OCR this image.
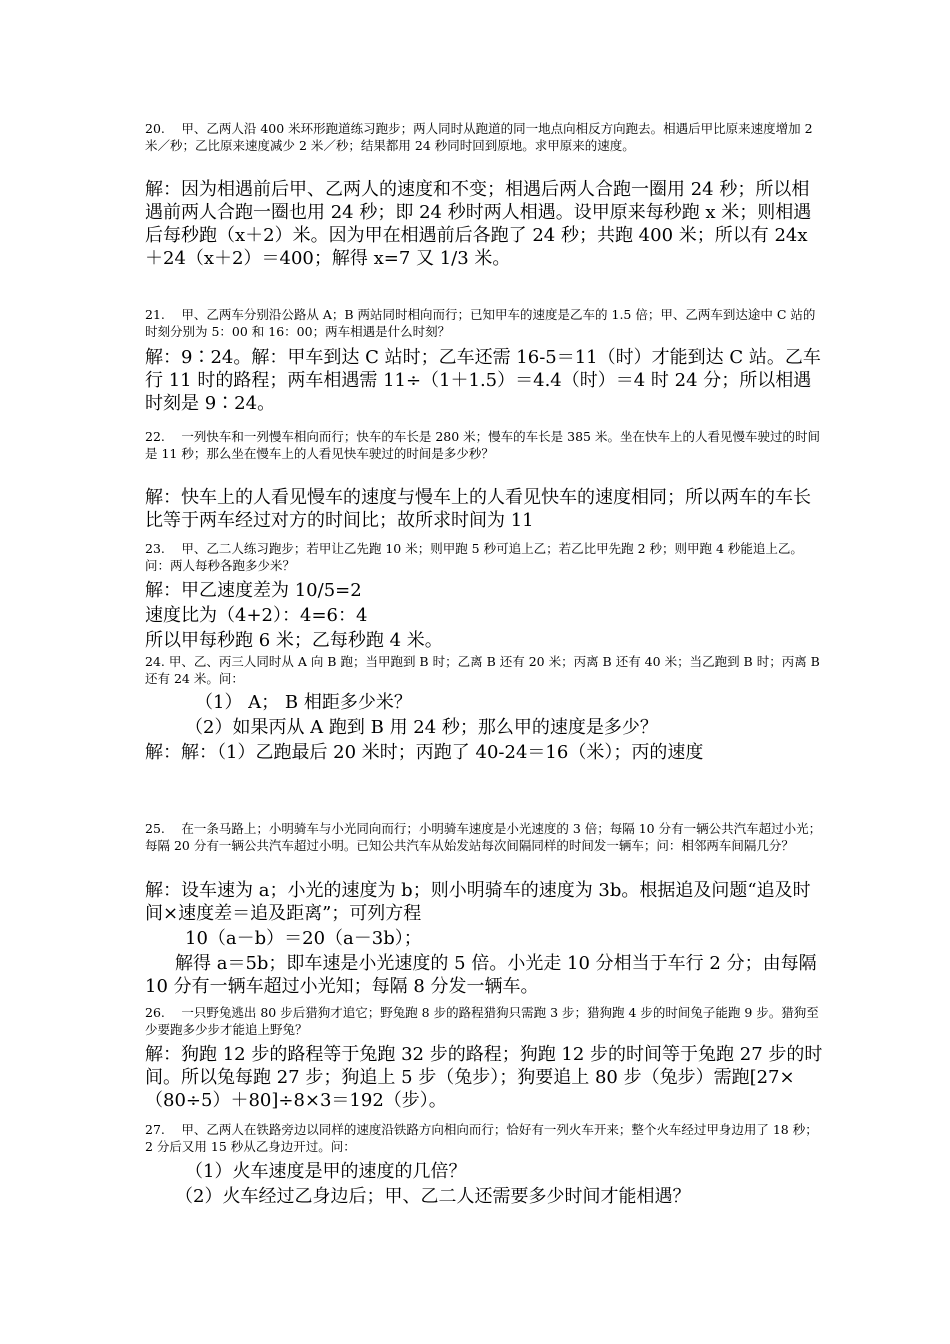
20.　 甲、乙两人沿 400 米环形跑道练习跑步；两人同时从跑道的同一地点向相反方向跑去。相遇后甲比原来速度增加 2 米／秒；乙比原来速度减少 2 米／秒；结果都用 24 秒同时回到原地。求甲原来的速度。
解：因为相遇前后甲、乙两人的速度和不变；相遇后两人合跑一圈用 24 秒；所以相遇前两人合跑一圈也用 24 秒；即 24 秒时两人相遇。设甲原来每秒跑 x 米；则相遇后每秒跑（x＋2）米。因为甲在相遇前后各跑了 24 秒；共跑 400 米；所以有 24x＋24（x＋2）＝400；解得 x=7 又 1/3 米。
21.　 甲、乙两车分别沿公路从 A；B 两站同时相向而行；已知甲车的速度是乙车的 1.5 倍；甲、乙两车到达途中 C 站的时刻分别为 5：00 和 16：00；两车相遇是什么时刻？
解：9∶24。解：甲车到达 C 站时；乙车还需 16-5＝11（时）才能到达 C 站。乙车行 11 时的路程；两车相遇需 11÷（1＋1.5）＝4.4（时）＝4 时 24 分；所以相遇时刻是 9∶24。
22.　 一列快车和一列慢车相向而行；快车的车长是 280 米；慢车的车长是 385 米。坐在快车上的人看见慢车驶过的时间是 11 秒；那么坐在慢车上的人看见快车驶过的时间是多少秒？
解：快车上的人看见慢车的速度与慢车上的人看见快车的速度相同；所以两车的车长比等于两车经过对方的时间比；故所求时间为 11
23.　 甲、乙二人练习跑步；若甲让乙先跑 10 米；则甲跑 5 秒可追上乙；若乙比甲先跑 2 秒；则甲跑 4 秒能追上乙。问：两人每秒各跑多少米？
解：甲乙速度差为 10/5=2
速度比为（4+2）：4=6：4
所以甲每秒跑 6 米；乙每秒跑 4 米。
24. 甲、乙、丙三人同时从 A 向 B 跑；当甲跑到 B 时；乙离 B 还有 20 米；丙离 B 还有 40 米；当乙跑到 B 时；丙离 B 还有 24 米。问：
（1） A； B 相距多少米？
（2）如果丙从 A 跑到 B 用 24 秒；那么甲的速度是多少？
解：解：（1）乙跑最后 20 米时；丙跑了 40-24＝16（米）；丙的速度
25.　 在一条马路上；小明骑车与小光同向而行；小明骑车速度是小光速度的 3 倍；每隔 10 分有一辆公共汽车超过小光；每隔 20 分有一辆公共汽车超过小明。已知公共汽车从始发站每次间隔同样的时间发一辆车；问：相邻两车间隔几分？
解：设车速为 a；小光的速度为 b；则小明骑车的速度为 3b。根据追及问题“追及时间×速度差＝追及距离”；可列方程
10（a－b）＝20（a－3b）；
解得 a＝5b；即车速是小光速度的 5 倍。小光走 10 分相当于车行 2 分；由每隔 10 分有一辆车超过小光知；每隔 8 分发一辆车。
26.　 一只野兔逃出 80 步后猎狗才追它；野兔跑 8 步的路程猎狗只需跑 3 步；猎狗跑 4 步的时间兔子能跑 9 步。猎狗至少要跑多少步才能追上野兔？
解：狗跑 12 步的路程等于兔跑 32 步的路程；狗跑 12 步的时间等于兔跑 27 步的时间。所以兔每跑 27 步；狗追上 5 步（兔步）；狗要追上 80 步（兔步）需跑[27×（80÷5）＋80]÷8×3＝192（步）。
27.　 甲、乙两人在铁路旁边以同样的速度沿铁路方向相向而行；恰好有一列火车开来；整个火车经过甲身边用了 18 秒；2 分后又用 15 秒从乙身边开过。问：
（1）火车速度是甲的速度的几倍？
（2）火车经过乙身边后；甲、乙二人还需要多少时间才能相遇？
